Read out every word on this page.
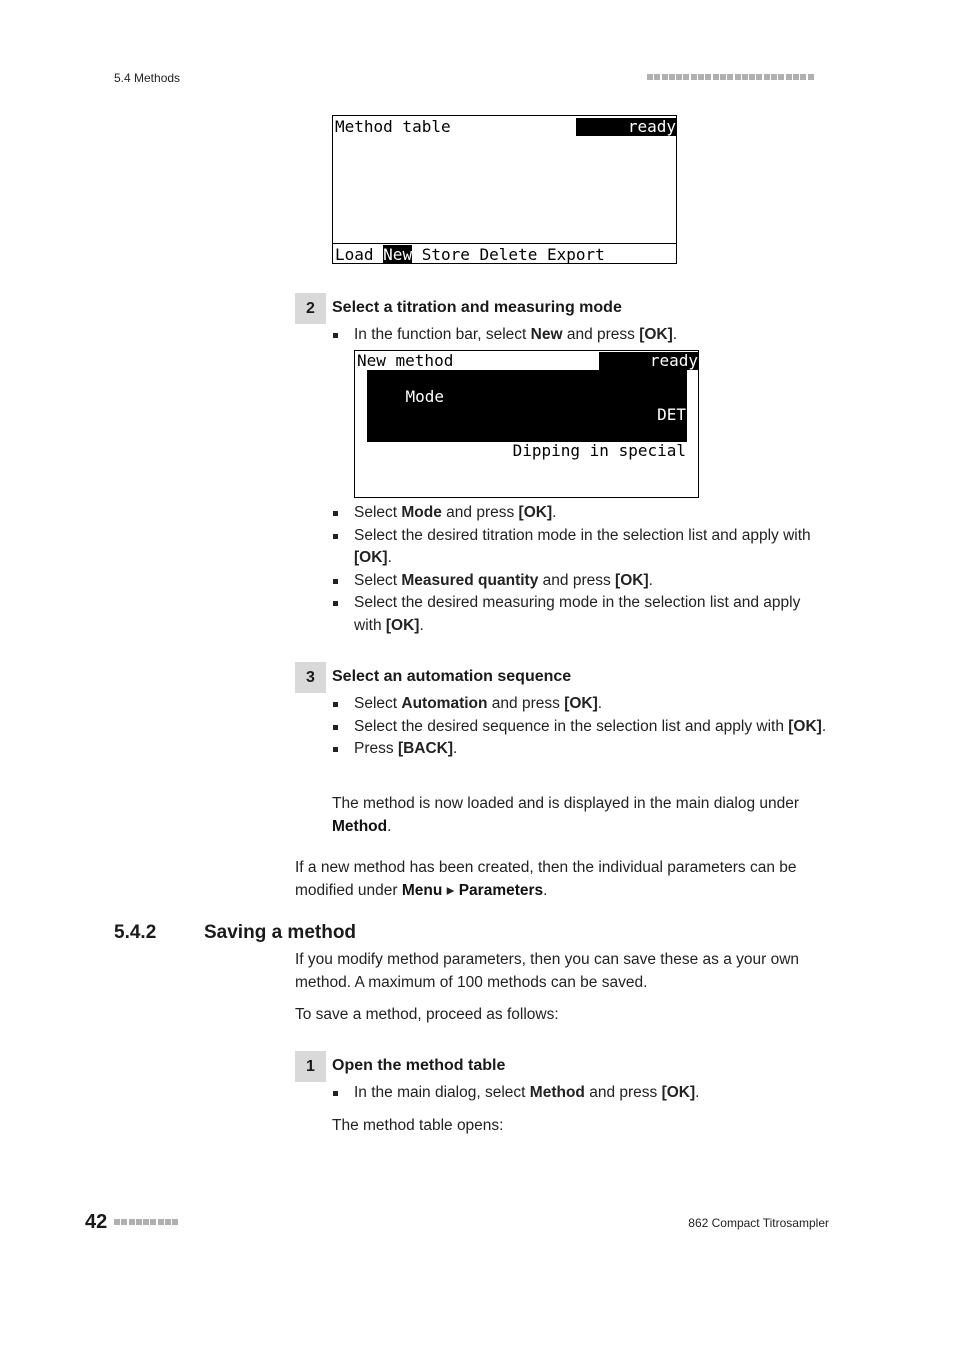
5.4 Methods
Method table	ready
Load New Store Delete Export
2	Select a titration and measuring mode
In the function bar, select New and press [OK].
New method	ready

Mode

DET

Measured quantity

pH

Automation

Dipping in special

Select Mode and press [OK].
Select the desired titration mode in the selection list and apply with [OK].
Select Measured quantity and press [OK].
Select the desired measuring mode in the selection list and apply with [OK].
3	Select an automation sequence
Select Automation and press [OK].
Select the desired sequence in the selection list and apply with [OK].
Press [BACK].
The method is now loaded and is displayed in the main dialog under Method.
If a new method has been created, then the individual parameters can be modified under Menu ▸ Parameters.
5.4.2	Saving a method
If you modify method parameters, then you can save these as a your own method. A maximum of 100 methods can be saved.
To save a method, proceed as follows:
1	Open the method table
In the main dialog, select Method and press [OK].
The method table opens:
42	862 Compact Titrosampler
